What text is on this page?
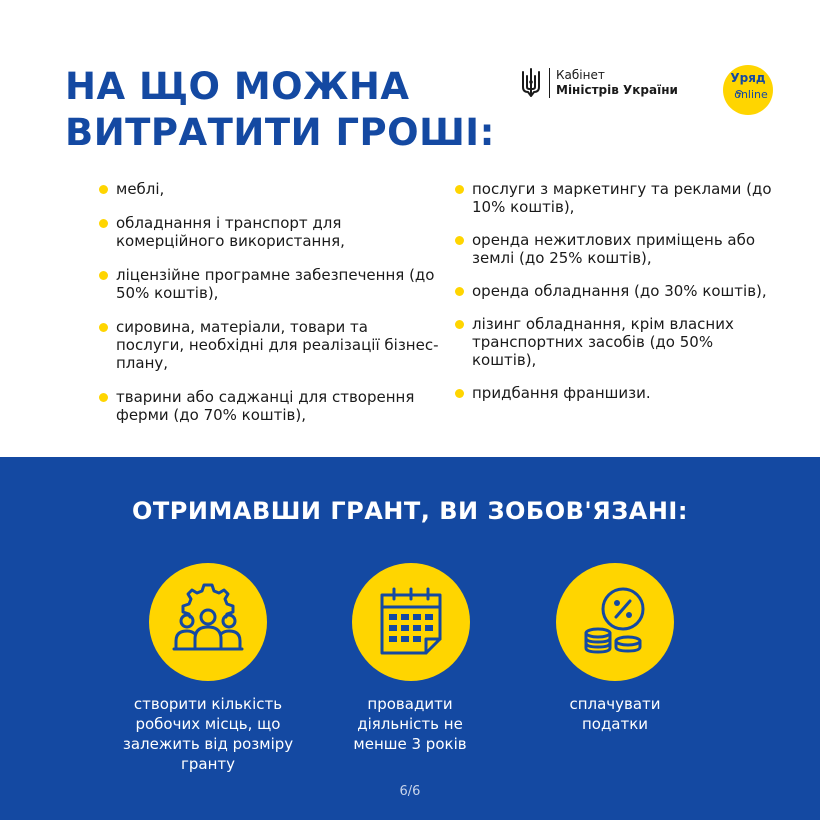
НА ЩО МОЖНА
ВИТРАТИТИ ГРОШІ:
Кабінет
Міністрів України
Уряд
online
меблі,
обладнання і транспорт для комерційного використання,
ліцензійне програмне забезпечення (до 50% коштів),
сировина, матеріали, товари та послуги, необхідні для реалізації бізнес-плану,
тварини або саджанці для створення ферми (до 70% коштів),
послуги з маркетингу та реклами (до 10% коштів),
оренда нежитлових приміщень або землі (до 25% коштів),
оренда обладнання (до 30% коштів),
лізинг обладнання, крім власних транспортних засобів (до 50% коштів),
придбання франшизи.
ОТРИМАВШИ ГРАНТ, ВИ ЗОБОВ'ЯЗАНІ:
створити кількість робочих місць, що залежить від розміру гранту
провадити діяльність не менше 3 років
сплачувати податки
6/6
